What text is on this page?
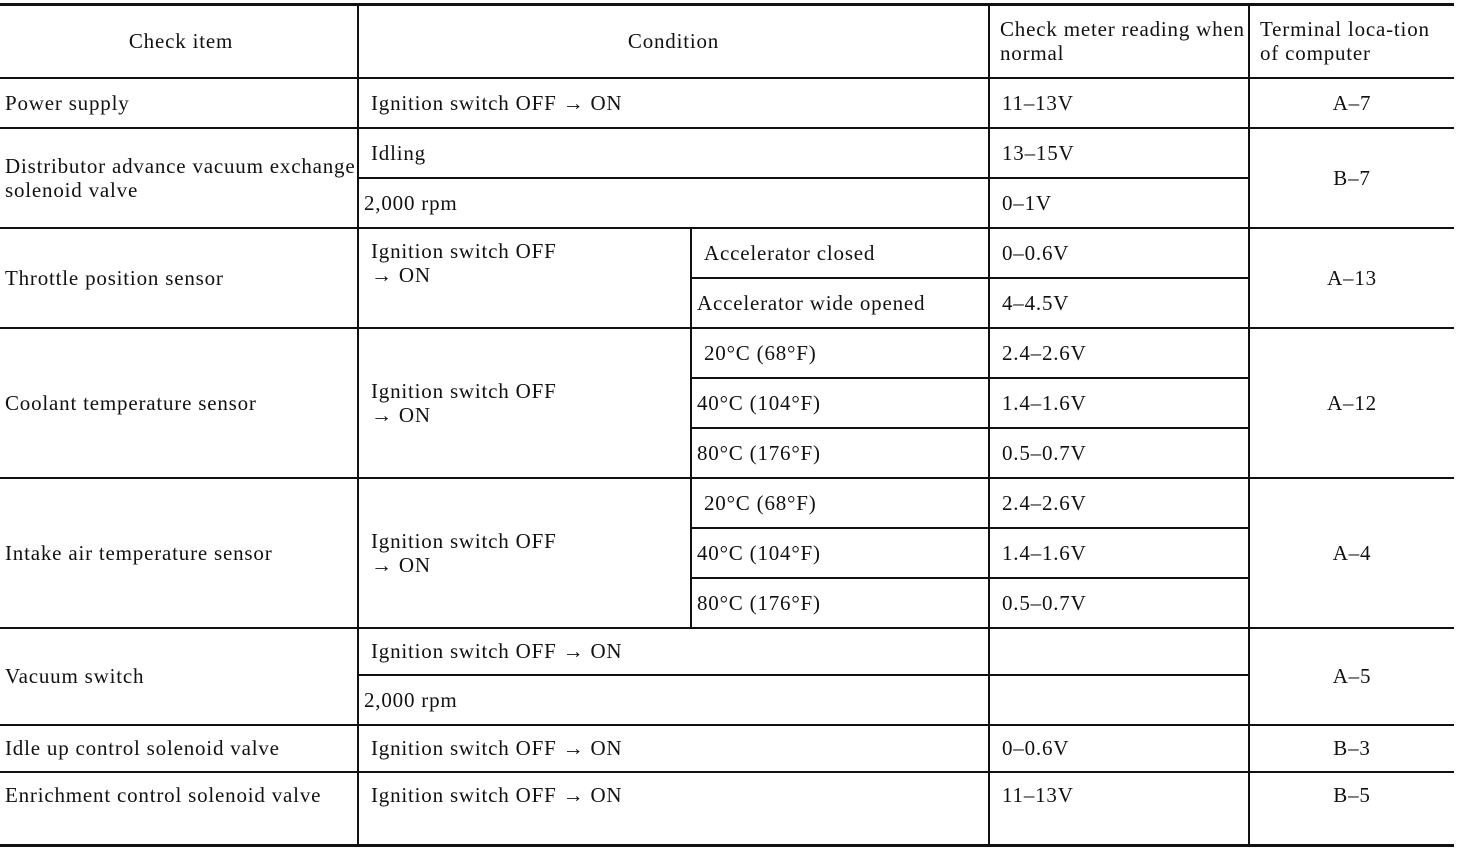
Check item	Condition		Check meter reading when normal	Terminal loca-tion of computer
Power supply	Ignition switch OFF → ON		11–13V	A–7
Distributor advance vacuum exchange solenoid valve	Idling		13–15V	B–7
	2,000 rpm		0–1V	
Throttle position sensor	Ignition switch OFF → ON	Accelerator closed	0–0.6V	A–13
		Accelerator wide opened	4–4.5V	
Coolant temperature sensor	Ignition switch OFF → ON	20°C (68°F)	2.4–2.6V	A–12
		40°C (104°F)	1.4–1.6V	
		80°C (176°F)	0.5–0.7V	
Intake air temperature sensor	Ignition switch OFF → ON	20°C (68°F)	2.4–2.6V	A–4
		40°C (104°F)	1.4–1.6V	
		80°C (176°F)	0.5–0.7V	
Vacuum switch	Ignition switch OFF → ON			A–5
	2,000 rpm			
Idle up control solenoid valve	Ignition switch OFF → ON		0–0.6V	B–3
Enrichment control solenoid valve	Ignition switch OFF → ON		11–13V	B–5
